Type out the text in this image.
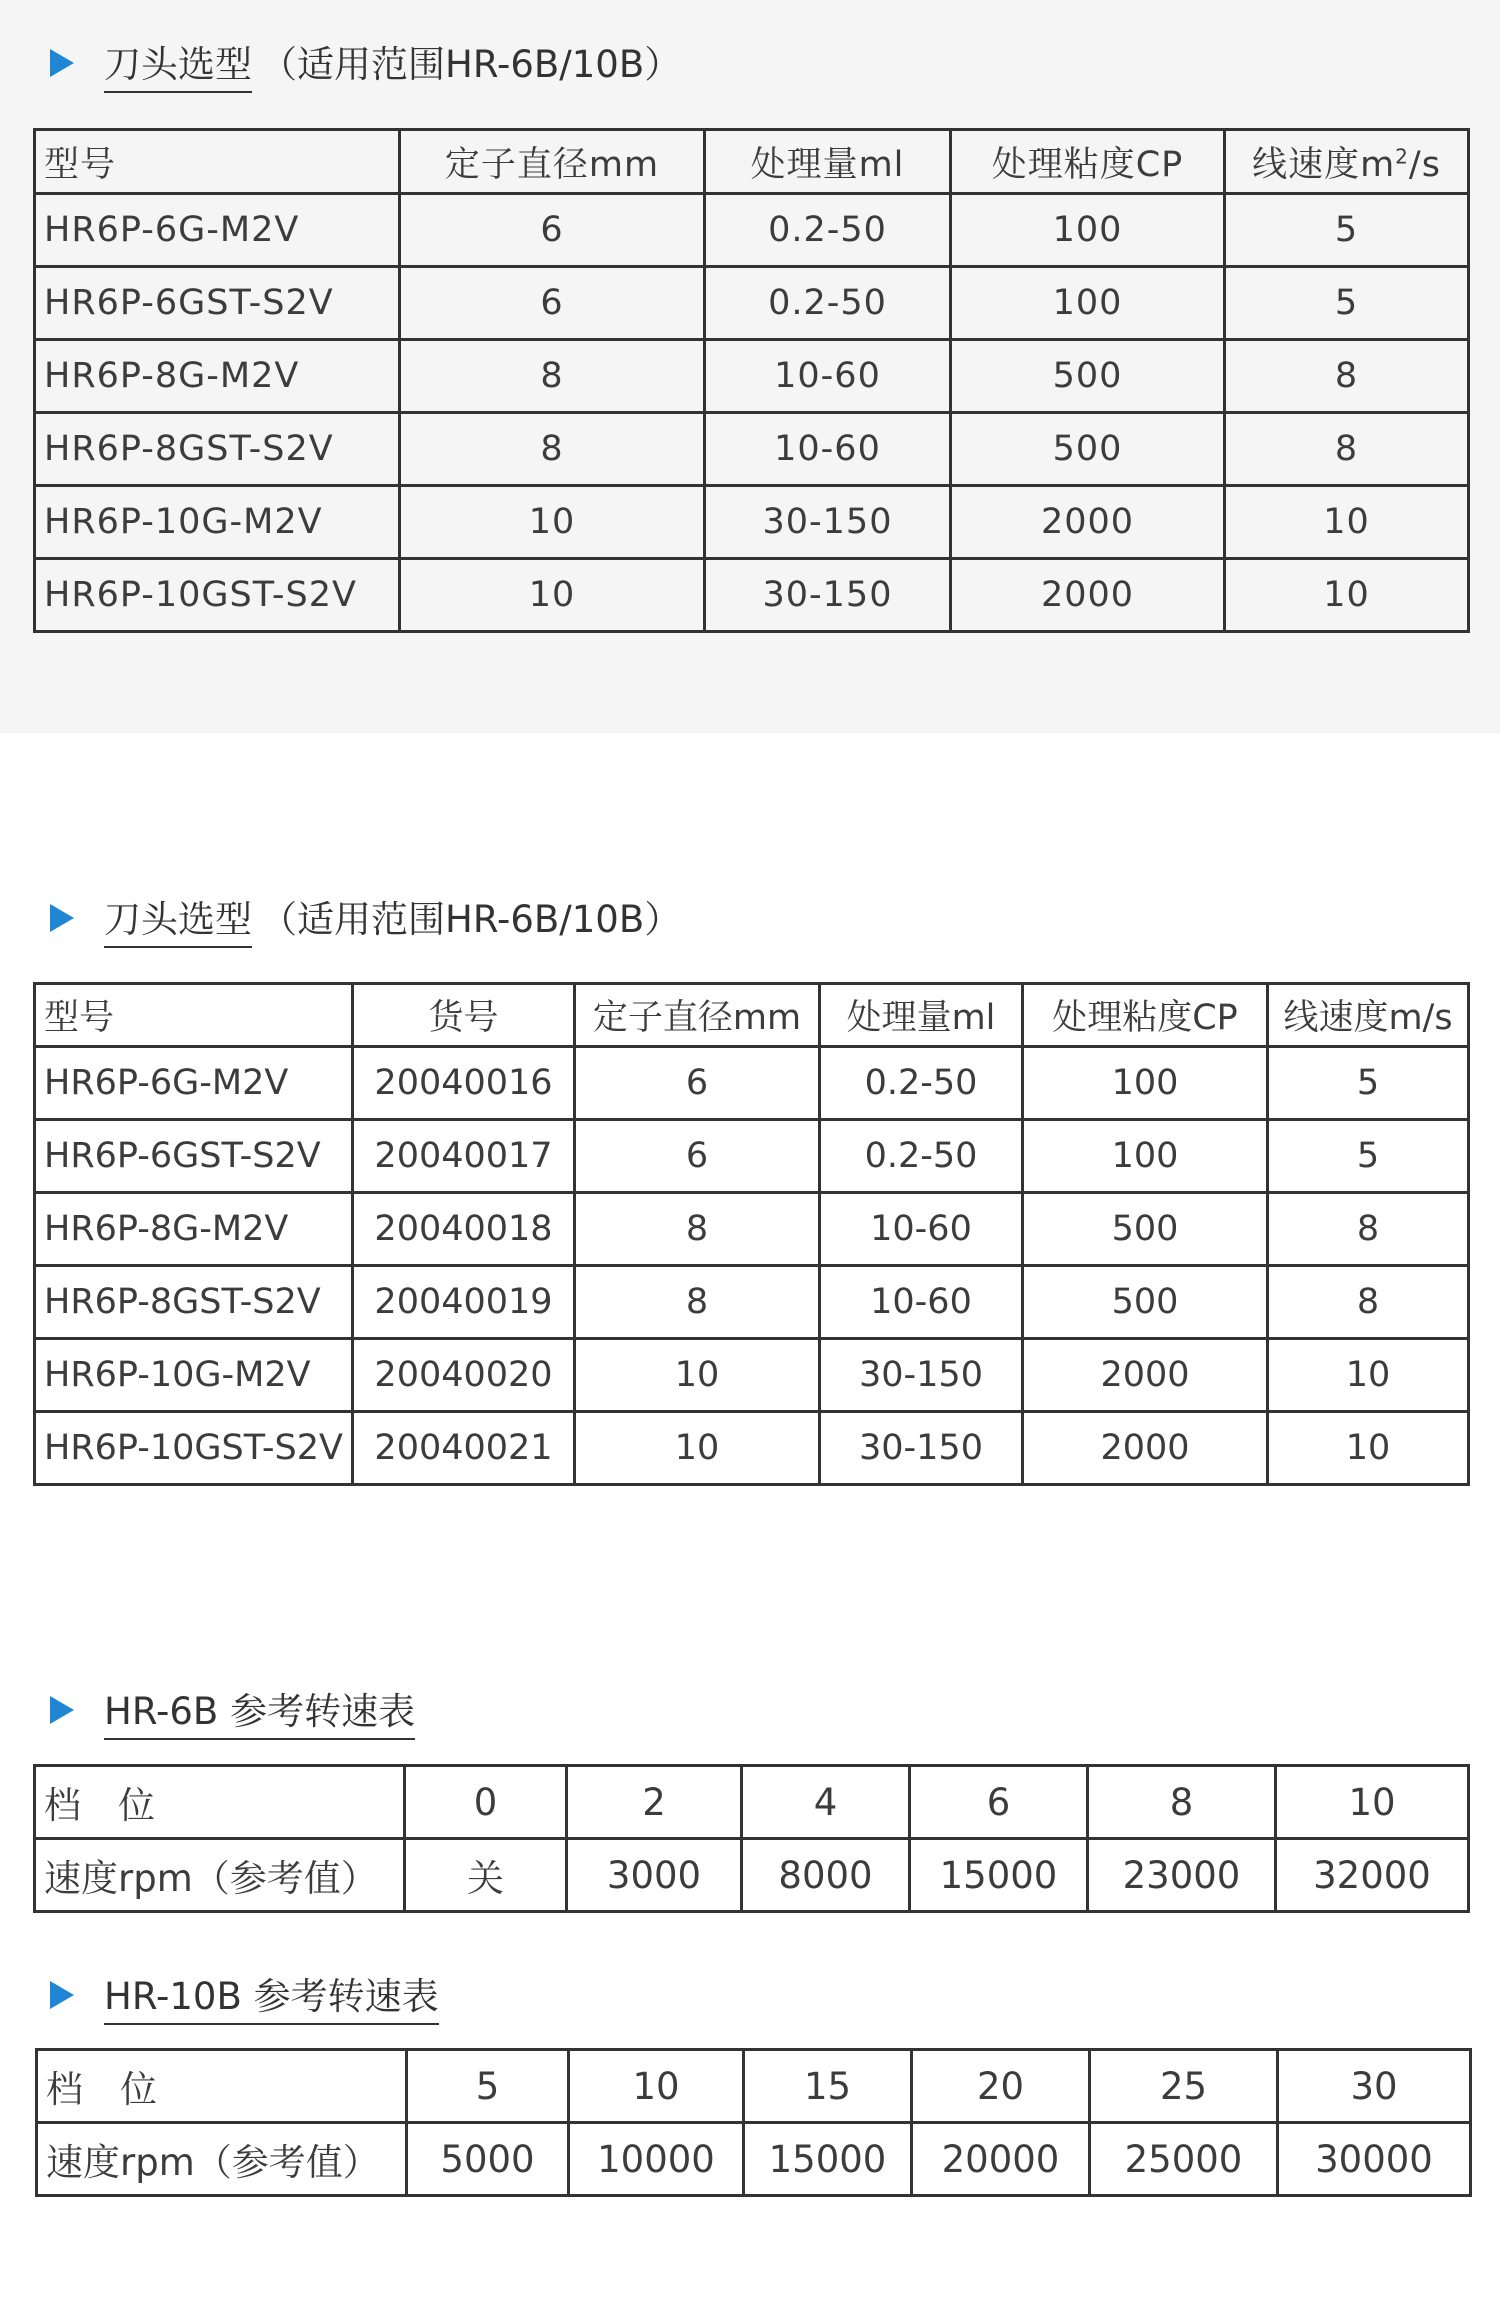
刀头选型 （适用范围HR-6B/10B）
型号	定子直径mm	处理量ml	处理粘度CP	线速度$m^2/s$
HR6P-6G-M2V	6	0.2-50	100	5
HR6P-6GST-S2V	6	0.2-50	100	5
HR6P-8G-M2V	8	10-60	500	8
HR6P-8GST-S2V	8	10-60	500	8
HR6P-10G-M2V	10	30-150	2000	10
HR6P-10GST-S2V	10	30-150	2000	10
刀头选型 （适用范围HR-6B/10B）
型号	货号	定子直径mm	处理量ml	处理粘度CP	线速度m/s
HR6P-6G-M2V	20040016	6	0.2-50	100	5
HR6P-6GST-S2V	20040017	6	0.2-50	100	5
HR6P-8G-M2V	20040018	8	10-60	500	8
HR6P-8GST-S2V	20040019	8	10-60	500	8
HR6P-10G-M2V	20040020	10	30-150	2000	10
HR6P-10GST-S2V	20040021	10	30-150	2000	10
HR-6B 参考转速表
档　位	0	2	4	6	8	10
速度rpm（参考值）	关	3000	8000	15000	23000	32000
HR-10B 参考转速表
档　位	5	10	15	20	25	30
速度rpm（参考值）	5000	10000	15000	20000	25000	30000
